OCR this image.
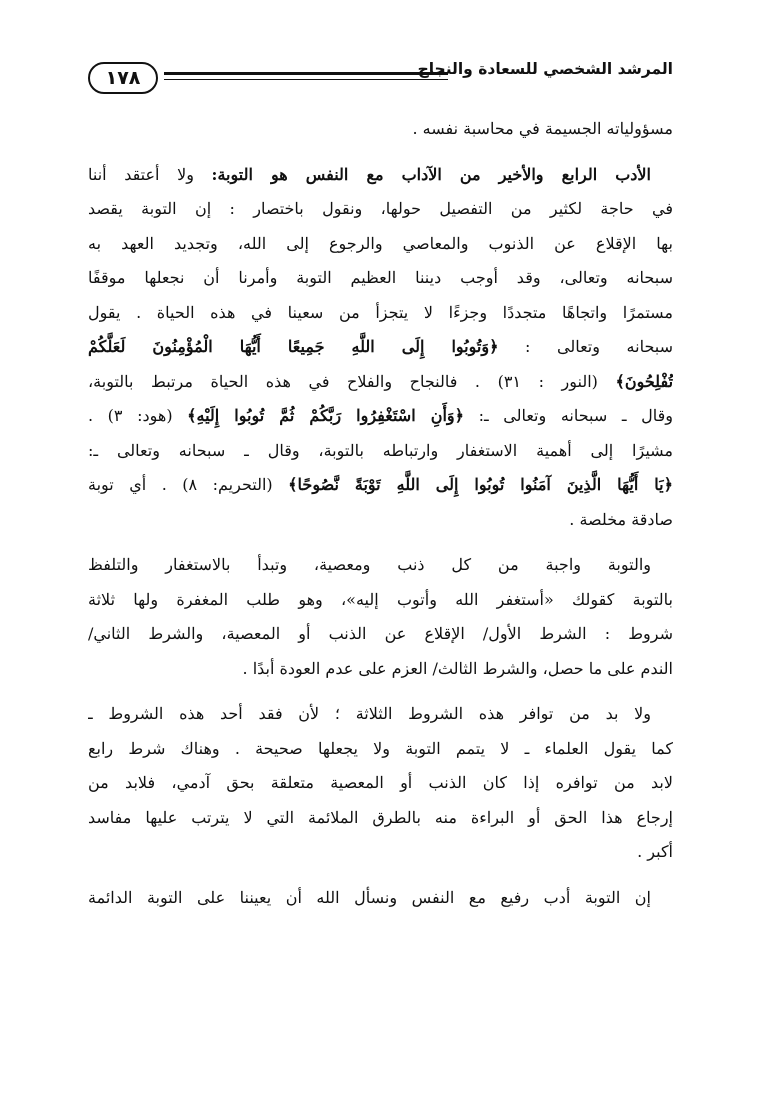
١٧٨	المرشد الشخصي للسعادة والنجاح
مسؤولياته الجسيمة في محاسبة نفسه .
الأدب الرابع والأخير من الآداب مع النفس هو التوبة: ولا أعتقد أننا
في حاجة لكثير من التفصيل حولها، ونقول باختصار : إن التوبة يقصد
بها الإقلاع عن الذنوب والمعاصي والرجوع إلى الله، وتجديد العهد به
سبحانه وتعالى، وقد أوجب ديننا العظيم التوبة وأمرنا أن نجعلها موقفًا
مستمرًا واتجاهًا متجددًا وجزءًا لا يتجزأ من سعينا في هذه الحياة . يقول
سبحانه وتعالى : ﴿وَتُوبُوا إِلَى اللَّهِ جَمِيعًا أَيُّهَا الْمُؤْمِنُونَ لَعَلَّكُمْ
تُفْلِحُونَ﴾ (النور : ٣١) . فالنجاح والفلاح في هذه الحياة مرتبط بالتوبة،
وقال ـ سبحانه وتعالى ـ: ﴿وَأَنِ اسْتَغْفِرُوا رَبَّكُمْ ثُمَّ تُوبُوا إِلَيْهِ﴾ (هود: ٣) .
مشيرًا إلى أهمية الاستغفار وارتباطه بالتوبة، وقال ـ سبحانه وتعالى ـ:
﴿يَا أَيُّهَا الَّذِينَ آمَنُوا تُوبُوا إِلَى اللَّهِ تَوْبَةً نَّصُوحًا﴾ (التحريم: ٨) . أي توبة
صادقة مخلصة .
والتوبة واجبة من كل ذنب ومعصية، وتبدأ بالاستغفار والتلفظ
بالتوبة كقولك «أستغفر الله وأتوب إليه»، وهو طلب المغفرة ولها ثلاثة
شروط : الشرط الأول/ الإقلاع عن الذنب أو المعصية، والشرط الثاني/
الندم على ما حصل، والشرط الثالث/ العزم على عدم العودة أبدًا .
ولا بد من توافر هذه الشروط الثلاثة ؛ لأن فقد أحد هذه الشروط ـ
كما يقول العلماء ـ لا يتمم التوبة ولا يجعلها صحيحة . وهناك شرط رابع
لابد من توافره إذا كان الذنب أو المعصية متعلقة بحق آدمي، فلابد من
إرجاع هذا الحق أو البراءة منه بالطرق الملائمة التي لا يترتب عليها مفاسد
أكبر .
إن التوبة أدب رفيع مع النفس ونسأل الله أن يعيننا على التوبة الدائمة
